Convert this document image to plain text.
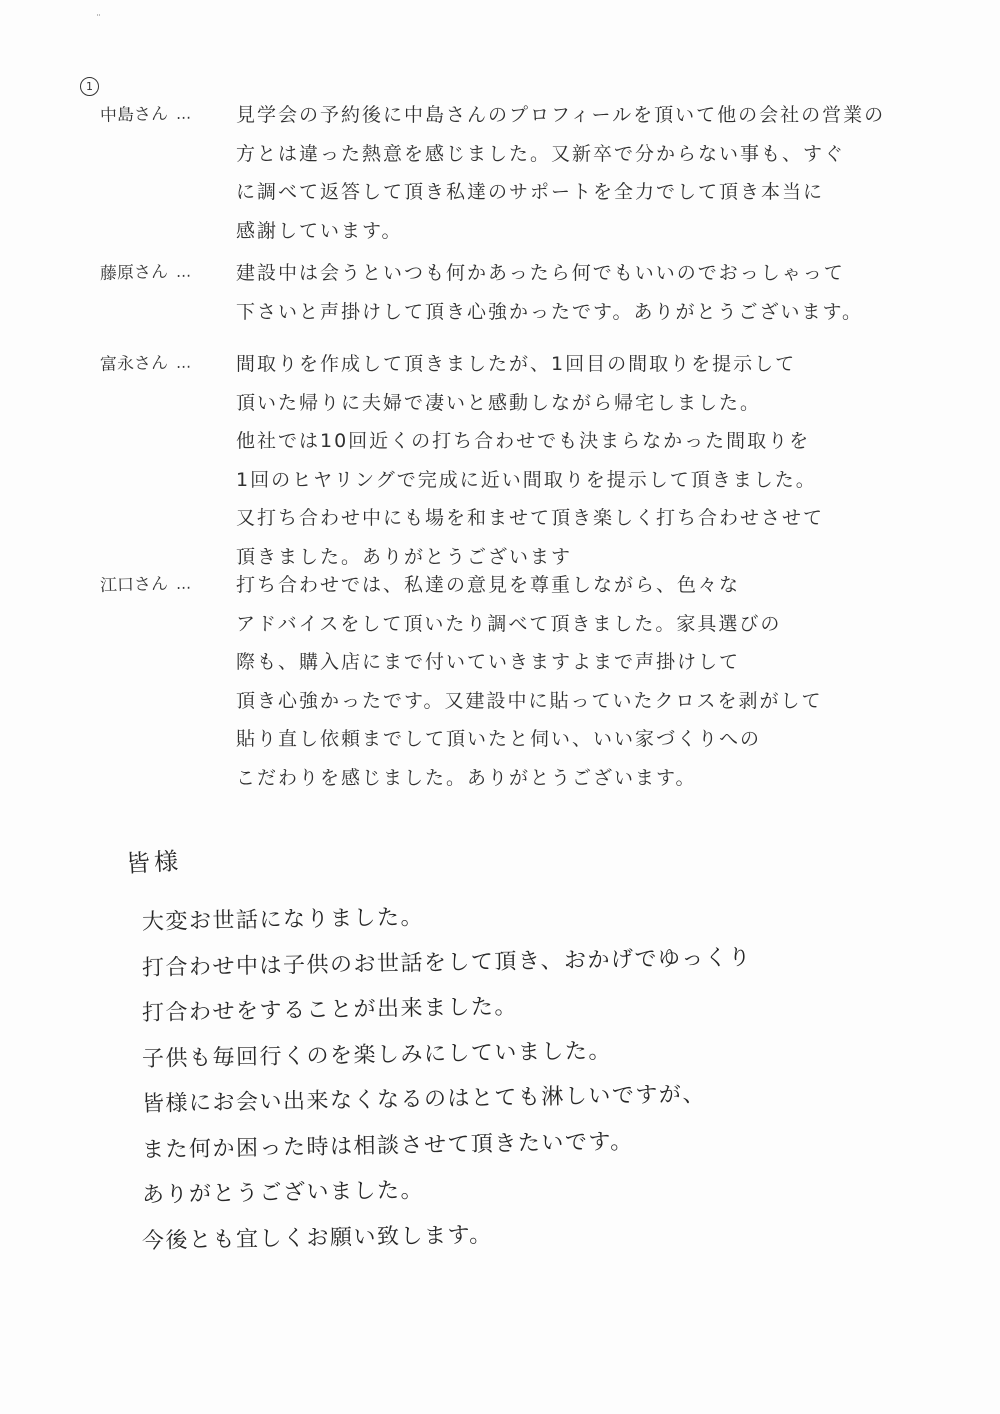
¨
1
中島さん …	見学会の予約後に中島さんのプロフィールを頂いて他の会社の営業の
方とは違った熱意を感じました。又新卒で分からない事も、すぐ
に調べて返答して頂き私達のサポートを全力でして頂き本当に
感謝しています。

藤原さん …	建設中は会うといつも何かあったら何でもいいのでおっしゃって
下さいと声掛けして頂き心強かったです。ありがとうございます。

富永さん …	間取りを作成して頂きましたが、1回目の間取りを提示して
頂いた帰りに夫婦で凄いと感動しながら帰宅しました。
他社では10回近くの打ち合わせでも決まらなかった間取りを
1回のヒヤリングで完成に近い間取りを提示して頂きました。
又打ち合わせ中にも場を和ませて頂き楽しく打ち合わせさせて
頂きました。ありがとうございます

江口さん …	打ち合わせでは、私達の意見を尊重しながら、色々な
アドバイスをして頂いたり調べて頂きました。家具選びの
際も、購入店にまで付いていきますよまで声掛けして
頂き心強かったです。又建設中に貼っていたクロスを剥がして
貼り直し依頼までして頂いたと伺い、いい家づくりへの
こだわりを感じました。ありがとうございます。

皆様

大変お世話になりました。
打合わせ中は子供のお世話をして頂き、おかげでゆっくり
打合わせをすることが出来ました。
子供も毎回行くのを楽しみにしていました。
皆様にお会い出来なくなるのはとても淋しいですが、
また何か困った時は相談させて頂きたいです。
ありがとうございました。
今後とも宜しくお願い致します。
